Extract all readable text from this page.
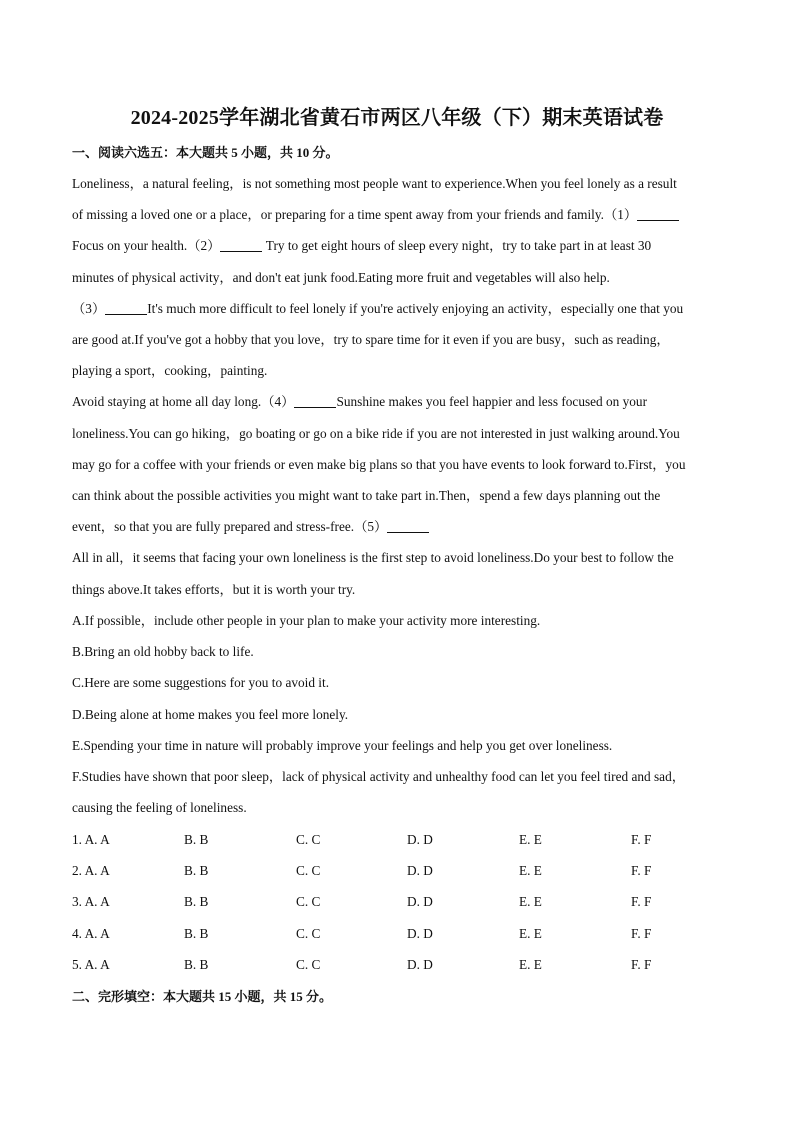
2024-2025学年湖北省黄石市两区八年级（下）期末英语试卷
一、阅读六选五：本大题共 5 小题，共 10 分。
Loneliness，a natural feeling，is not something most people want to experience.When you feel lonely as a result
of missing a loved one or a place，or preparing for a time spent away from your friends and family.（1）
Focus on your health.（2）	Try to get eight hours of sleep every night，try to take part in at least 30
minutes of physical activity，and don't eat junk food.Eating more fruit and vegetables will also help.
（3）	It's much more difficult to feel lonely if you're actively enjoying an activity，especially one that you
are good at.If you've got a hobby that you love，try to spare time for it even if you are busy，such as reading，
playing a sport，cooking，painting.
Avoid staying at home all day long.（4）	Sunshine makes you feel happier and less focused on your
loneliness.You can go hiking，go boating or go on a bike ride if you are not interested in just walking around.You
may go for a coffee with your friends or even make big plans so that you have events to look forward to.First，you
can think about the possible activities you might want to take part in.Then，spend a few days planning out the
event，so that you are fully prepared and stress-free.（5）
All in all，it seems that facing your own loneliness is the first step to avoid loneliness.Do your best to follow the
things above.It takes efforts，but it is worth your try.
A.If possible，include other people in your plan to make your activity more interesting.
B.Bring an old hobby back to life.
C.Here are some suggestions for you to avoid it.
D.Being alone at home makes you feel more lonely.
E.Spending your time in nature will probably improve your feelings and help you get over loneliness.
F.Studies have shown that poor sleep，lack of physical activity and unhealthy food can let you feel tired and sad，
causing the feeling of loneliness.
1. A. A	B. B	C. C	D. D	E. E	F. F
2. A. A	B. B	C. C	D. D	E. E	F. F
3. A. A	B. B	C. C	D. D	E. E	F. F
4. A. A	B. B	C. C	D. D	E. E	F. F
5. A. A	B. B	C. C	D. D	E. E	F. F
二、完形填空：本大题共 15 小题，共 15 分。
